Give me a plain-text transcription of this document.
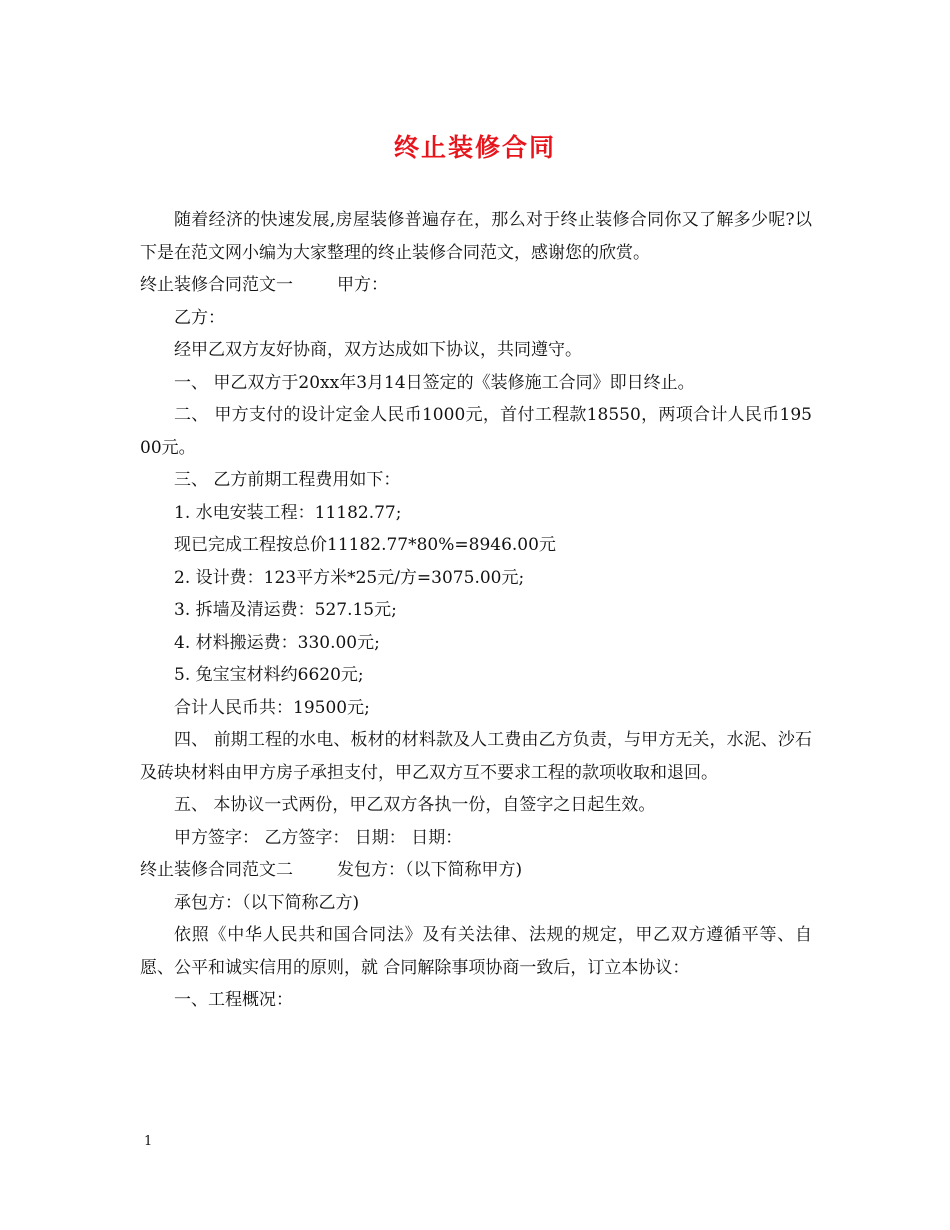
终止装修合同

随着经济的快速发展,房屋装修普遍存在，那么对于终止装修合同你又了解多少呢?以下是在范文网小编为大家整理的终止装修合同范文，感谢您的欣赏。

终止装修合同范文一	甲方：

乙方：

经甲乙双方友好协商，双方达成如下协议，共同遵守。

一、 甲乙双方于20xx年3月14日签定的《装修施工合同》即日终止。

二、 甲方支付的设计定金人民币1000元，首付工程款18550，两项合计人民币19500元。

三、 乙方前期工程费用如下：

1. 水电安装工程：11182.77;

现已完成工程按总价11182.77*80%=8946.00元

2. 设计费：123平方米*25元/方=3075.00元;

3. 拆墙及清运费：527.15元;

4. 材料搬运费：330.00元;

5. 兔宝宝材料约6620元;

合计人民币共：19500元;

四、 前期工程的水电、板材的材料款及人工费由乙方负责，与甲方无关，水泥、沙石及砖块材料由甲方房子承担支付，甲乙双方互不要求工程的款项收取和退回。

五、 本协议一式两份，甲乙双方各执一份，自签字之日起生效。

甲方签字： 乙方签字： 日期： 日期：

终止装修合同范文二	发包方：（以下简称甲方)

承包方：（以下简称乙方)

依照《中华人民共和国合同法》及有关法律、法规的规定，甲乙双方遵循平等、自愿、公平和诚实信用的原则，就 合同解除事项协商一致后，订立本协议：

一、工程概况：

1
